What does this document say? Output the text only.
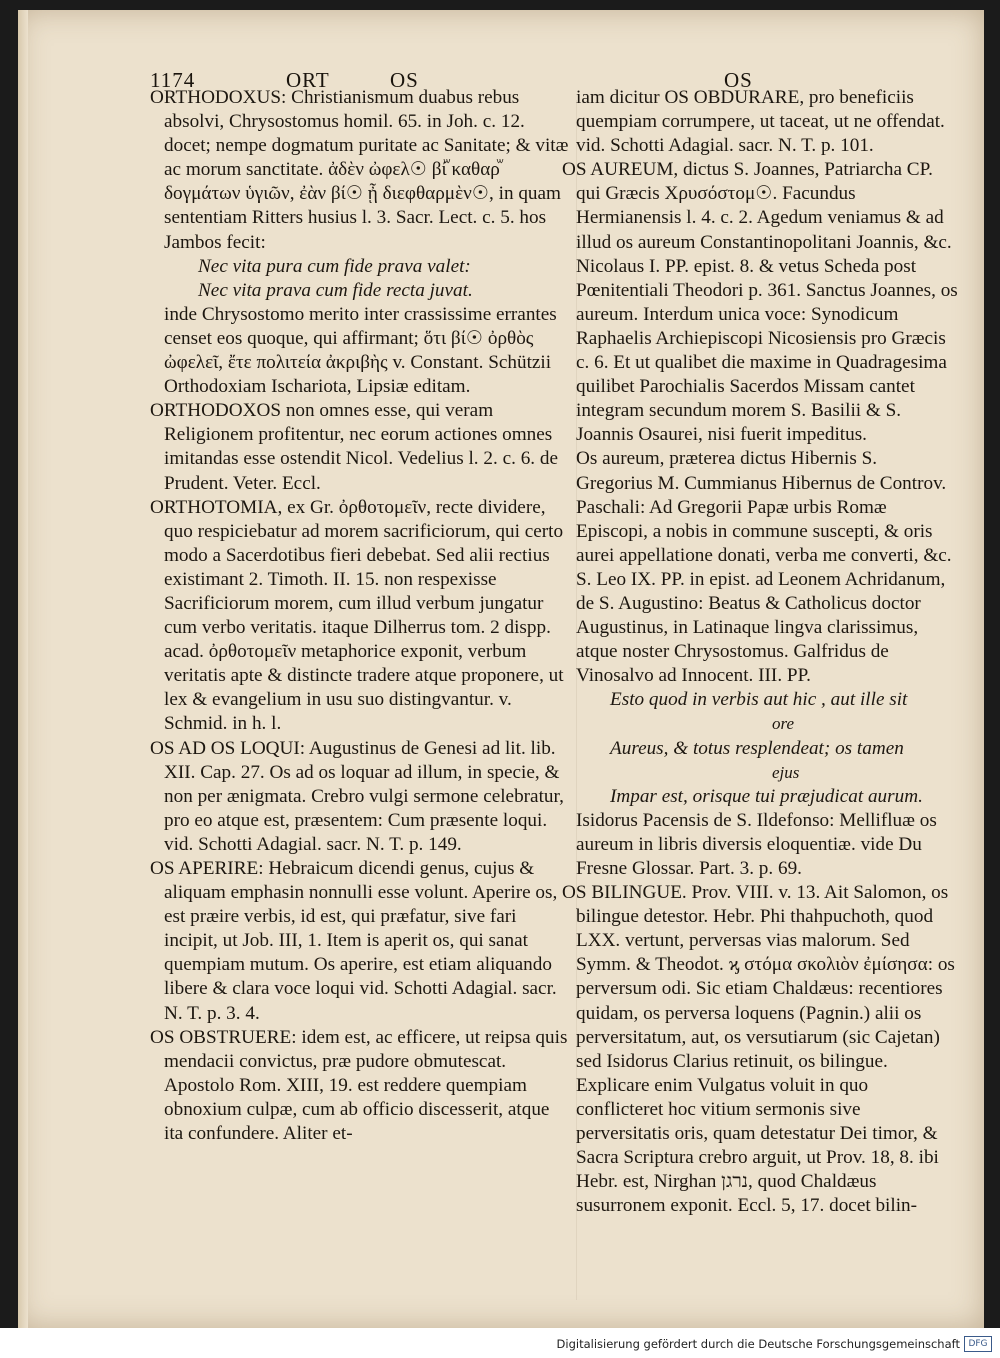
1174	ORT	OS	OS

ORTHODOXUS: Christianismum duabus rebus absolvi, Chrysostomus homil. 65. in Joh. c. 12. docet; nempe dogmatum puritate ac Sanitate; & vitæ ac morum sanctitate. ἀδὲν ὠφελ☉ βίꙻ καθαρꙻ δογμάτων ὑγιῶν, ἐὰν βί☉ ᾖ διεφθαρμὲν☉, in quam sententiam Ritters husius l. 3. Sacr. Lect. c. 5. hos Jambos fecit:

Nec vita pura cum fide prava valet:

Nec vita prava cum fide recta juvat.

inde Chrysostomo merito inter crassissime errantes censet eos quoque, qui affirmant; ὅτι βί☉ ὀρθὸς ὠφελεῖ, ἔτε πολιτεία ἀκριβὴς v. Constant. Schützii Orthodoxiam Ischariota, Lipsiæ editam.

ORTHODOXOS non omnes esse, qui veram Religionem profitentur, nec eorum actiones omnes imitandas esse ostendit Nicol. Vedelius l. 2. c. 6. de Prudent. Veter. Eccl.

ORTHOTOMIA, ex Gr. ὀρθοτομεῖν, recte dividere, quo respiciebatur ad morem sacrificiorum, qui certo modo a Sacerdotibus fieri debebat. Sed alii rectius existimant 2. Timoth. II. 15. non respexisse Sacrificiorum morem, cum illud verbum jungatur cum verbo veritatis. itaque Dilherrus tom. 2 dispp. acad. ὀρθοτομεῖν metaphorice exponit, verbum veritatis apte & distincte tradere atque proponere, ut lex & evangelium in usu suo distingvantur. v. Schmid. in h. l.

OS AD OS LOQUI: Augustinus de Genesi ad lit. lib. XII. Cap. 27. Os ad os loquar ad illum, in specie, & non per ænigmata. Crebro vulgi sermone celebratur, pro eo atque est, præsentem: Cum præsente loqui. vid. Schotti Adagial. sacr. N. T. p. 149.

OS APERIRE: Hebraicum dicendi genus, cujus & aliquam emphasin nonnulli esse volunt. Aperire os, est præire verbis, id est, qui præfatur, sive fari incipit, ut Job. III, 1. Item is aperit os, qui sanat quempiam mutum. Os aperire, est etiam aliquando libere & clara voce loqui vid. Schotti Adagial. sacr. N. T. p. 3. 4.

OS OBSTRUERE: idem est, ac efficere, ut reipsa quis mendacii convictus, præ pudore obmutescat. Apostolo Rom. XIII, 19. est reddere quempiam obnoxium culpæ, cum ab officio discesserit, atque ita confundere. Aliter et-

iam dicitur OS OBDURARE, pro beneficiis quempiam corrumpere, ut taceat, ut ne offendat. vid. Schotti Adagial. sacr. N. T. p. 101.

OS AUREUM, dictus S. Joannes, Patriarcha CP. qui Græcis Χρυσόστομ☉. Facundus Hermianensis l. 4. c. 2. Agedum veniamus & ad illud os aureum Constantinopolitani Joannis, &c. Nicolaus I. PP. epist. 8. & vetus Scheda post Pœnitentiali Theodori p. 361. Sanctus Joannes, os aureum. Interdum unica voce: Synodicum Raphaelis Archiepiscopi Nicosiensis pro Græcis c. 6. Et ut qualibet die maxime in Quadragesima quilibet Parochialis Sacerdos Missam cantet integram secundum morem S. Basilii & S. Joannis Osaurei, nisi fuerit impeditus.

Os aureum, præterea dictus Hibernis S. Gregorius M. Cummianus Hibernus de Controv. Paschali: Ad Gregorii Papæ urbis Romæ Episcopi, a nobis in commune suscepti, & oris aurei appellatione donati, verba me converti, &c. S. Leo IX. PP. in epist. ad Leonem Achridanum, de S. Augustino: Beatus & Catholicus doctor Augustinus, in Latinaque lingva clarissimus, atque noster Chrysostomus. Galfridus de Vinosalvo ad Innocent. III. PP.

Esto quod in verbis aut hic , aut ille sit

ore

Aureus, & totus resplendeat; os tamen

ejus

Impar est, orisque tui præjudicat aurum.

Isidorus Pacensis de S. Ildefonso: Mellifluæ os aureum in libris diversis eloquentiæ. vide Du Fresne Glossar. Part. 3. p. 69.

OS BILINGUE. Prov. VIII. v. 13. Ait Salomon, os bilingue detestor. Hebr. Phi thahpuchoth, quod LXX. vertunt, perversas vias malorum. Sed Symm. & Theodot. ϗ στόμα σκολιὸν ἐμίσησα: os perversum odi. Sic etiam Chaldæus: recentiores quidam, os perversa loquens (Pagnin.) alii os perversitatum, aut, os versutiarum (sic Cajetan) sed Isidorus Clarius retinuit, os bilingue. Explicare enim Vulgatus voluit in quo conflicteret hoc vitium sermonis sive perversitatis oris, quam detestatur Dei timor, & Sacra Scriptura crebro arguit, ut Prov. 18, 8. ibi Hebr. est, Nirghan נרגן, quod Chaldæus susurronem exponit. Eccl. 5, 17. docet bilin-

Digitalisierung gefördert durch die Deutsche Forschungsgemeinschaft DFG
